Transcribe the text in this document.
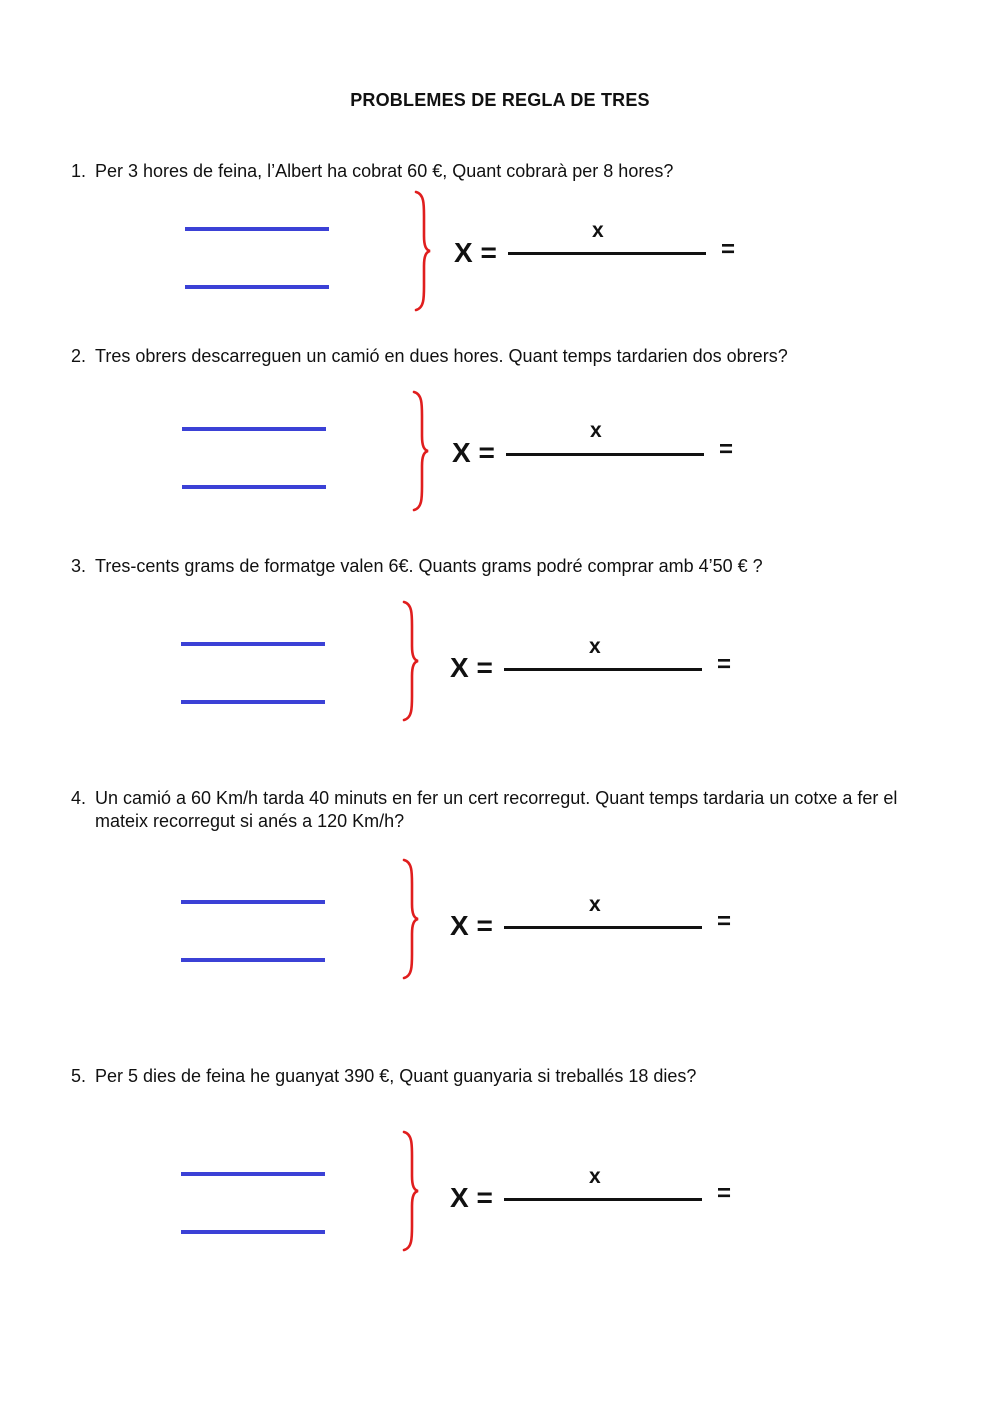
PROBLEMES DE REGLA DE TRES
1. Per 3 hores de feina, l’Albert ha cobrat 60 €, Quant cobrarà per 8 hores?
X =
x
=
2. Tres obrers descarreguen un camió en dues hores. Quant temps tardarien dos obrers?
X =
x
=
3. Tres-cents grams de formatge valen 6€. Quants grams podré comprar amb 4’50 € ?
X =
x
=
4. Un camió a 60 Km/h tarda 40 minuts en fer un cert recorregut. Quant temps tardaria un cotxe a fer el mateix recorregut si anés a 120 Km/h?
X =
x
=
5. Per 5 dies de feina he guanyat 390 €, Quant guanyaria si treballés 18 dies?
X =
x
=
